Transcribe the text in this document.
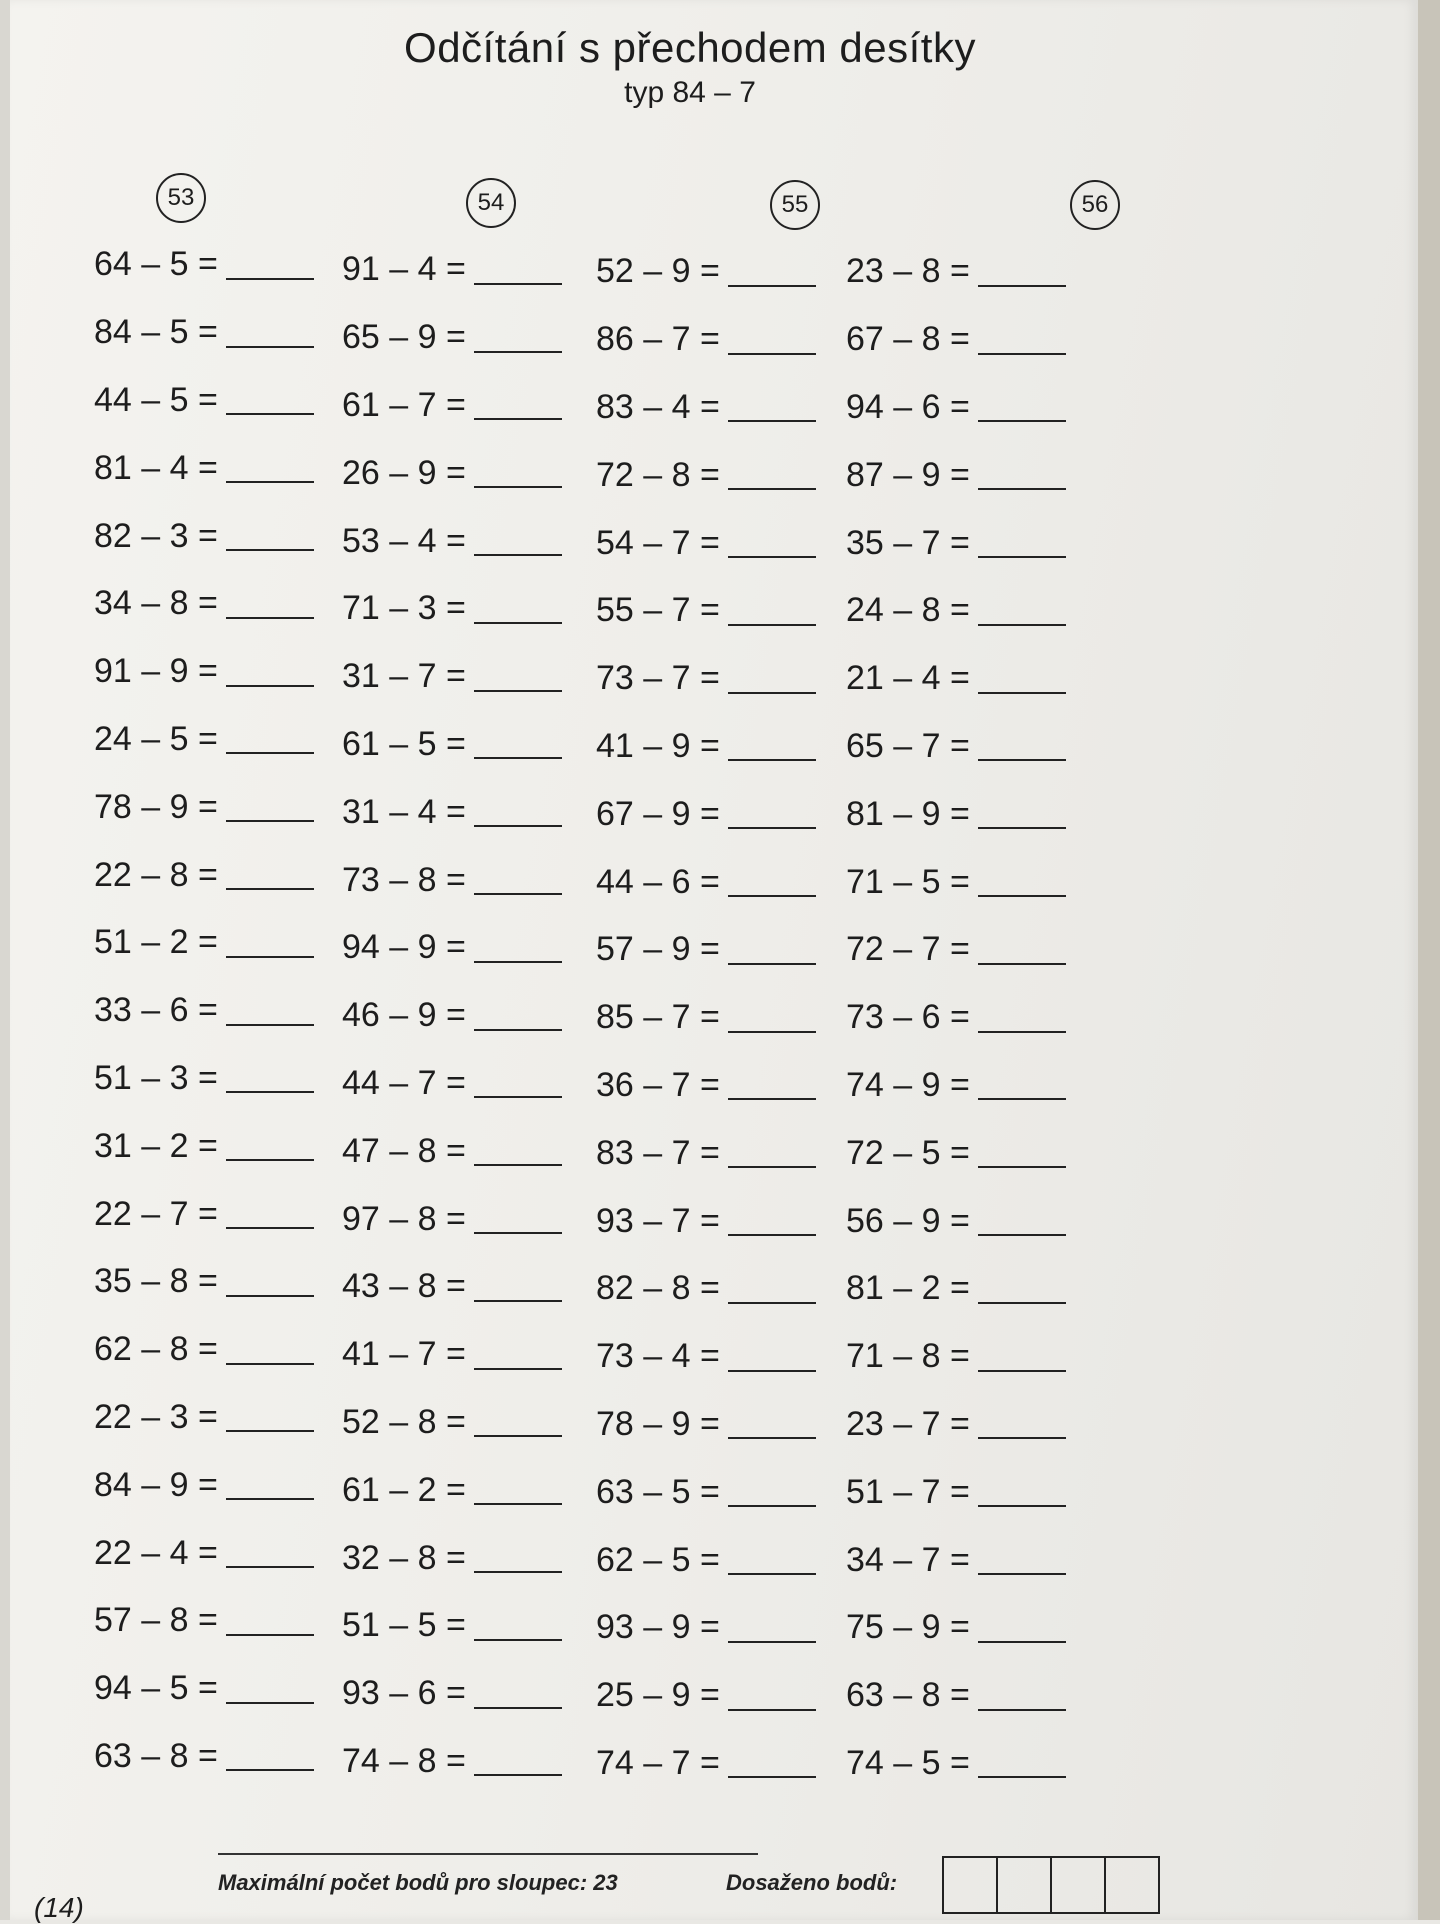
Odčítání s přechodem desítky
typ 84 – 7
53
64 – 5 =
84 – 5 =
44 – 5 =
81 – 4 =
82 – 3 =
34 – 8 =
91 – 9 =
24 – 5 =
78 – 9 =
22 – 8 =
51 – 2 =
33 – 6 =
51 – 3 =
31 – 2 =
22 – 7 =
35 – 8 =
62 – 8 =
22 – 3 =
84 – 9 =
22 – 4 =
57 – 8 =
94 – 5 =
63 – 8 =
54
91 – 4 =
65 – 9 =
61 – 7 =
26 – 9 =
53 – 4 =
71 – 3 =
31 – 7 =
61 – 5 =
31 – 4 =
73 – 8 =
94 – 9 =
46 – 9 =
44 – 7 =
47 – 8 =
97 – 8 =
43 – 8 =
41 – 7 =
52 – 8 =
61 – 2 =
32 – 8 =
51 – 5 =
93 – 6 =
74 – 8 =
55
52 – 9 =
86 – 7 =
83 – 4 =
72 – 8 =
54 – 7 =
55 – 7 =
73 – 7 =
41 – 9 =
67 – 9 =
44 – 6 =
57 – 9 =
85 – 7 =
36 – 7 =
83 – 7 =
93 – 7 =
82 – 8 =
73 – 4 =
78 – 9 =
63 – 5 =
62 – 5 =
93 – 9 =
25 – 9 =
74 – 7 =
56
23 – 8 =
67 – 8 =
94 – 6 =
87 – 9 =
35 – 7 =
24 – 8 =
21 – 4 =
65 – 7 =
81 – 9 =
71 – 5 =
72 – 7 =
73 – 6 =
74 – 9 =
72 – 5 =
56 – 9 =
81 – 2 =
71 – 8 =
23 – 7 =
51 – 7 =
34 – 7 =
75 – 9 =
63 – 8 =
74 – 5 =
Maximální počet bodů pro sloupec: 23	Dosaženo bodů:
(14)
